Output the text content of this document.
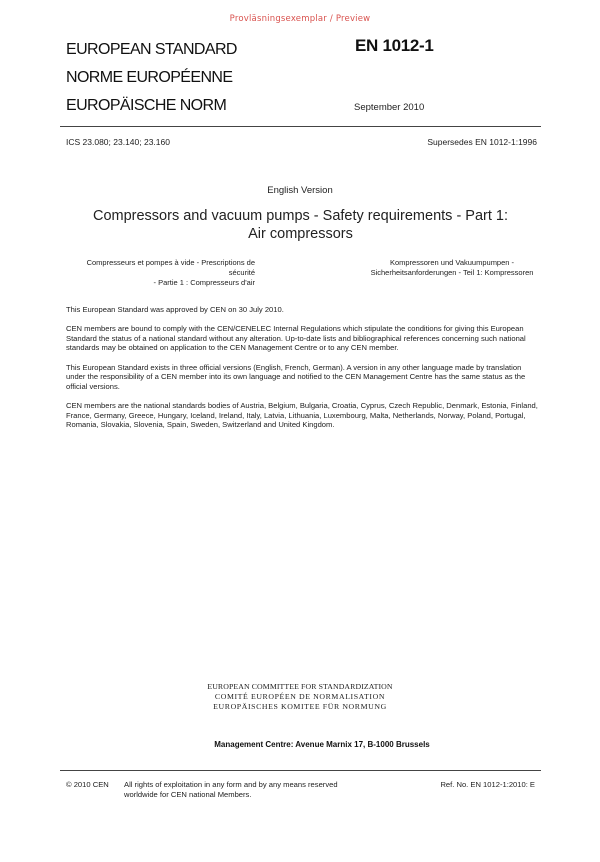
Provläsningsexemplar / Preview
EUROPEAN STANDARD
NORME EUROPÉENNE
EUROPÄISCHE NORM
EN 1012-1
September 2010
ICS 23.080; 23.140; 23.160	Supersedes EN 1012-1:1996
English Version
Compressors and vacuum pumps - Safety requirements - Part 1:
Air compressors
Compresseurs et pompes à vide - Prescriptions de sécurité
- Partie 1 : Compresseurs d'air
Kompressoren und Vakuumpumpen -
Sicherheitsanforderungen - Teil 1: Kompressoren

This European Standard was approved by CEN on 30 July 2010.

CEN members are bound to comply with the CEN/CENELEC Internal Regulations which stipulate the conditions for giving this European Standard the status of a national standard without any alteration. Up-to-date lists and bibliographical references concerning such national standards may be obtained on application to the CEN Management Centre or to any CEN member.

This European Standard exists in three official versions (English, French, German). A version in any other language made by translation under the responsibility of a CEN member into its own language and notified to the CEN Management Centre has the same status as the official versions.

CEN members are the national standards bodies of Austria, Belgium, Bulgaria, Croatia, Cyprus, Czech Republic, Denmark, Estonia, Finland, France, Germany, Greece, Hungary, Iceland, Ireland, Italy, Latvia, Lithuania, Luxembourg, Malta, Netherlands, Norway, Poland, Portugal, Romania, Slovakia, Slovenia, Spain, Sweden, Switzerland and United Kingdom.

EUROPEAN COMMITTEE FOR STANDARDIZATION
COMITÉ EUROPÉEN DE NORMALISATION
EUROPÄISCHES KOMITEE FÜR NORMUNG
Management Centre: Avenue Marnix 17, B-1000 Brussels
© 2010 CEN All rights of exploitation in any form and by any means reserved
worldwide for CEN national Members.
Ref. No. EN 1012-1:2010: E
